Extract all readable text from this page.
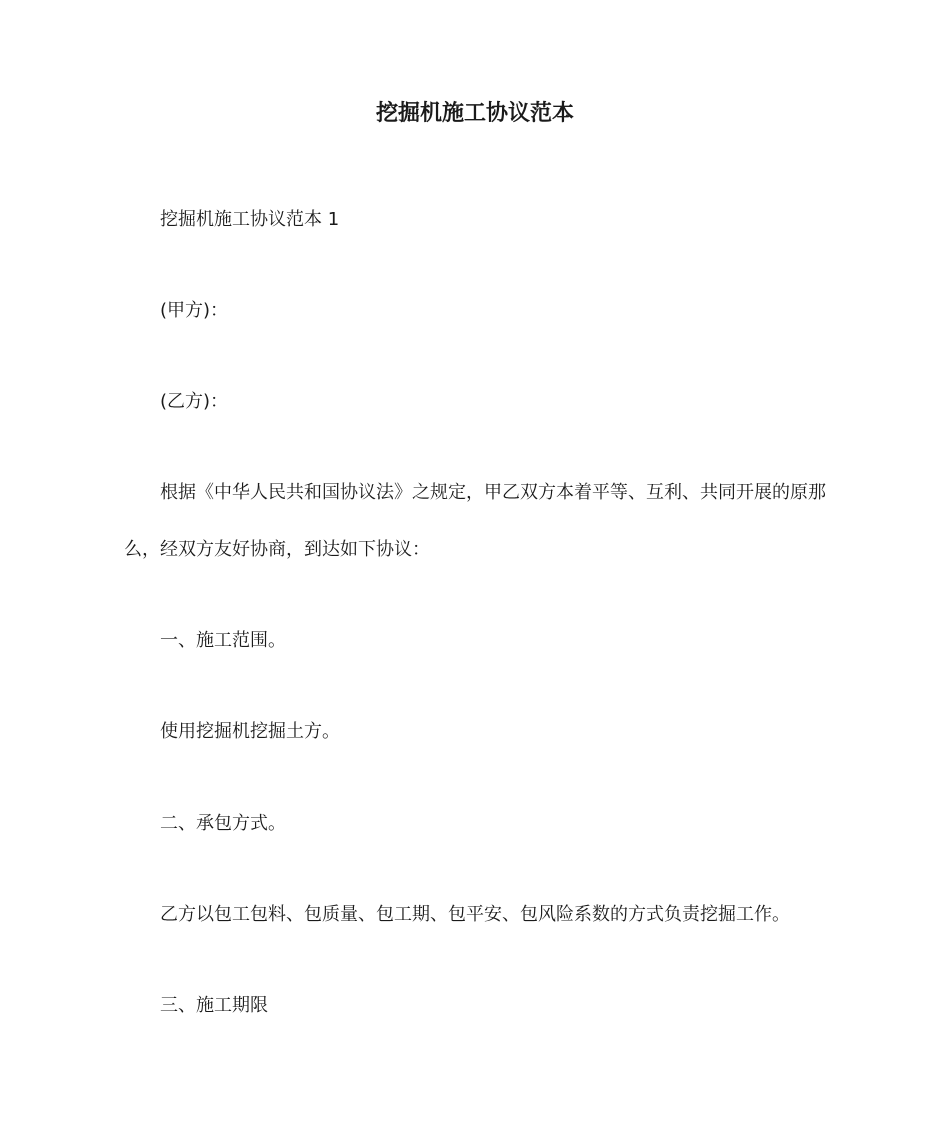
挖掘机施工协议范本

挖掘机施工协议范本 1

(甲方)：

(乙方)：

根据《中华人民共和国协议法》之规定，甲乙双方本着平等、互利、共同开展的原那么，经双方友好协商，到达如下协议：

一、施工范围。

使用挖掘机挖掘土方。

二、承包方式。

乙方以包工包料、包质量、包工期、包平安、包风险系数的方式负责挖掘工作。

三、施工期限
